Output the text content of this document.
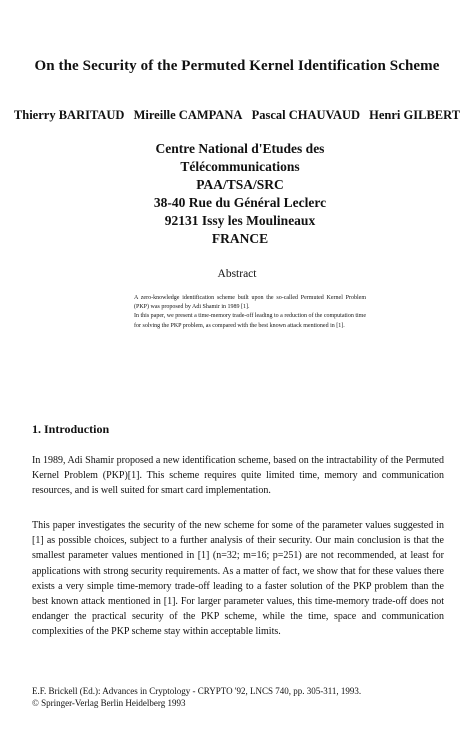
On the Security of the Permuted Kernel Identification Scheme
Thierry BARITAUD Mireille CAMPANA Pascal CHAUVAUD Henri GILBERT
Centre National d'Etudes des Télécommunications
PAA/TSA/SRC
38-40 Rue du Général Leclerc
92131 Issy les Moulineaux
FRANCE
Abstract
A zero-knowledge identification scheme built upon the so-called Permuted Kernel Problem (PKP) was proposed by Adi Shamir in 1989 [1].
In this paper, we present a time-memory trade-off leading to a reduction of the computation time for solving the PKP problem, as compared with the best known attack mentioned in [1].
1. Introduction
In 1989, Adi Shamir proposed a new identification scheme, based on the intractability of the Permuted Kernel Problem (PKP)[1]. This scheme requires quite limited time, memory and communication resources, and is well suited for smart card implementation.
This paper investigates the security of the new scheme for some of the parameter values suggested in [1] as possible choices, subject to a further analysis of their security. Our main conclusion is that the smallest parameter values mentioned in [1] (n=32; m=16; p=251) are not recommended, at least for applications with strong security requirements. As a matter of fact, we show that for these values there exists a very simple time-memory trade-off leading to a faster solution of the PKP problem than the best known attack mentioned in [1]. For larger parameter values, this time-memory trade-off does not endanger the practical security of the PKP scheme, while the time, space and communication complexities of the PKP scheme stay within acceptable limits.
E.F. Brickell (Ed.): Advances in Cryptology - CRYPTO '92, LNCS 740, pp. 305-311, 1993.
© Springer-Verlag Berlin Heidelberg 1993
